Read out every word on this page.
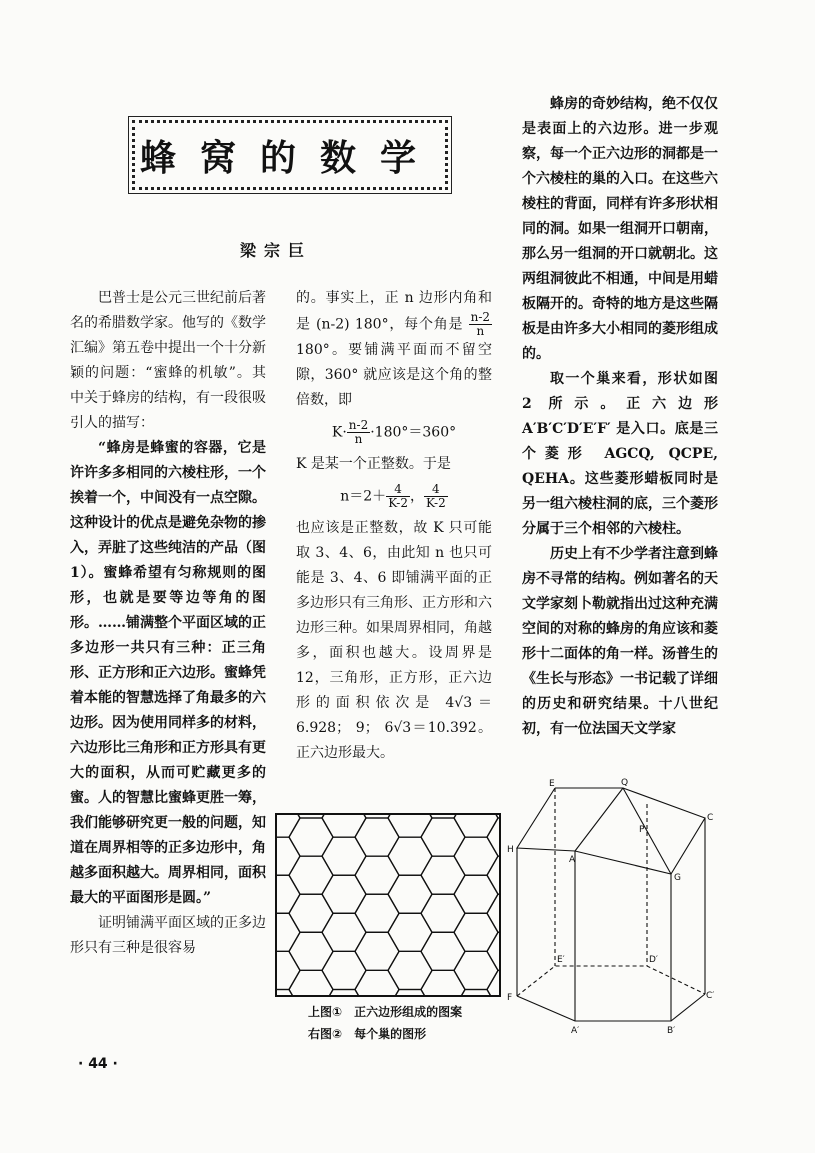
蜂窝的数学
梁宗巨

巴普士是公元三世纪前后著名的希腊数学家。他写的《数学汇编》第五卷中提出一个十分新颖的问题：“蜜蜂的机敏”。其中关于蜂房的结构，有一段很吸引人的描写：

“蜂房是蜂蜜的容器，它是许许多多相同的六棱柱形，一个挨着一个，中间没有一点空隙。这种设计的优点是避免杂物的掺入，弄脏了这些纯洁的产品（图1）。蜜蜂希望有匀称规则的图形，也就是要等边等角的图形。……铺满整个平面区域的正多边形一共只有三种：正三角形、正方形和正六边形。蜜蜂凭着本能的智慧选择了角最多的六边形。因为使用同样多的材料，六边形比三角形和正方形具有更大的面积，从而可贮藏更多的蜜。人的智慧比蜜蜂更胜一筹，我们能够研究更一般的问题，知道在周界相等的正多边形中，角越多面积越大。周界相同，面积最大的平面图形是圆。”

证明铺满平面区域的正多边形只有三种是很容易

的。事实上，正 n 边形内角和是 (n-2) 180°，每个角是 $\frac{n-2}{n}$
180°。要铺满平面而不留空隙，360° 就应该是这个角的整倍数，即

$K\cdot \frac{n-2}{n} \cdot 180^\circ=360^\circ$

K 是某一个正整数。于是

$n=2+ \frac{4}{K-2}$ ， $\frac{4}{K-2}$

也应该是正整数，故 K 只可能取 3、4、6，由此知 n 也只可能是 3、4、6 即铺满平面的正多边形只有三角形、正方形和六边形三种。如果周界相同，角越多，面积也越大。设周界是12，三角形，正方形，正六边形的面积依次是 4√3＝6.928； 9； 6√3＝10.392。正六边形最大。

蜂房的奇妙结构，绝不仅仅是表面上的六边形。进一步观察，每一个正六边形的洞都是一个六棱柱的巢的入口。在这些六棱柱的背面，同样有许多形状相同的洞。如果一组洞开口朝南，那么另一组洞的开口就朝北。这两组洞彼此不相通，中间是用蜡板隔开的。奇特的地方是这些隔板是由许多大小相同的菱形组成的。

取一个巢来看，形状如图 2 所示。正六边形A′B′C′D′E′F′ 是入口。底是三个菱形 AGCQ, QCPE, QEHA。这些菱形蜡板同时是另一组六棱柱洞的底，三个菱形分属于三个相邻的六棱柱。

历史上有不少学者注意到蜂房不寻常的结构。例如著名的天文学家刻卜勒就指出过这种充满空间的对称的蜂房的角应该和菱形十二面体的角一样。汤普生的《生长与形态》一书记载了详细的历史和研究结果。十八世纪初，有一位法国天文学家

上图①　正六边形组成的图案
右图②　每个巢的图形
E	Q
P
C
H
A
G
E′	D′
F	C′
A′	B′
· 44 ·
